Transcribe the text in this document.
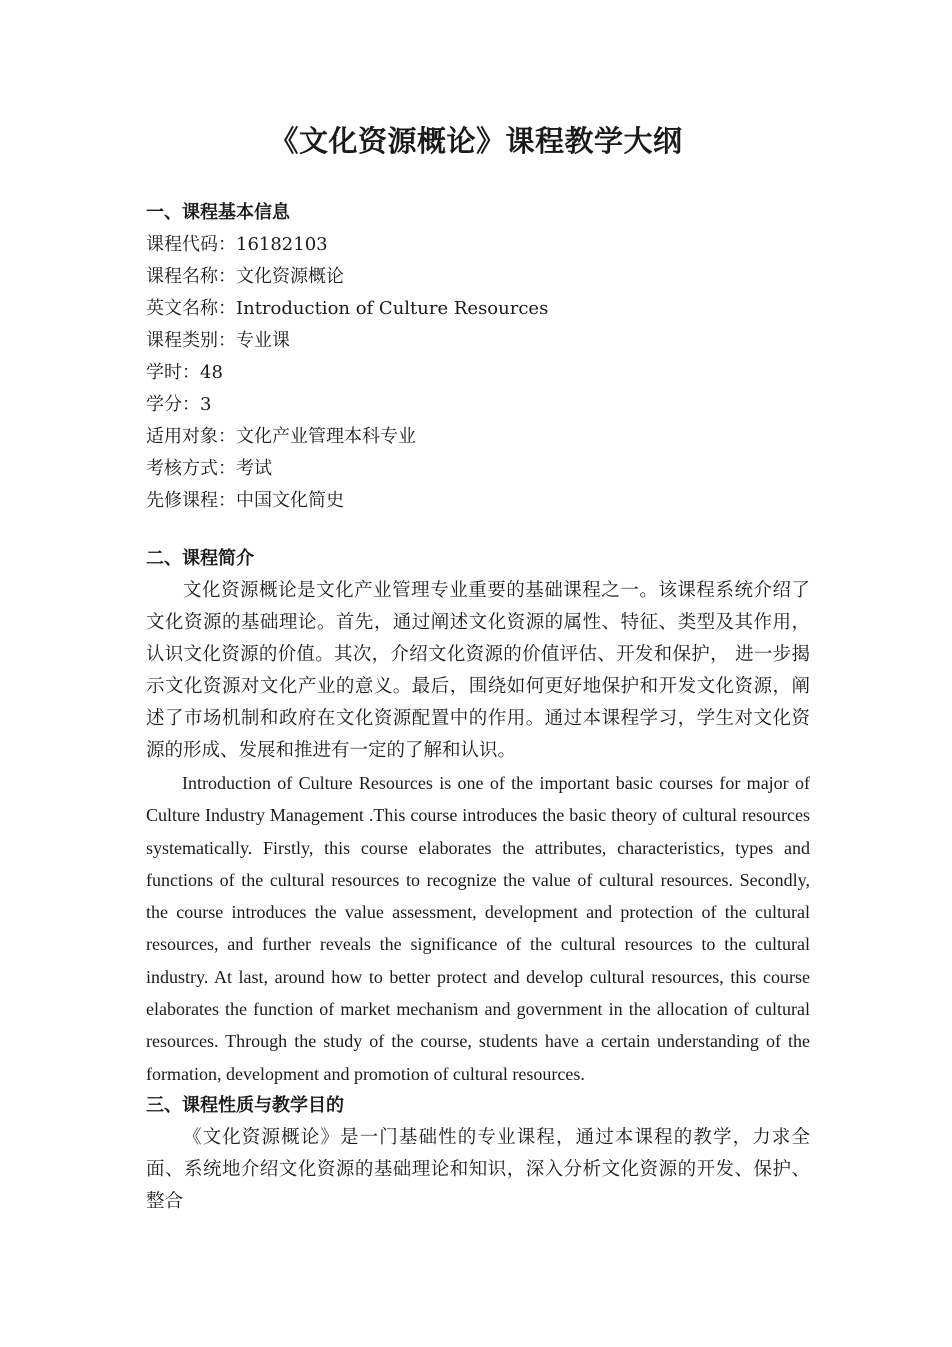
《文化资源概论》课程教学大纲
一、课程基本信息
课程代码：16182103
课程名称：文化资源概论
英文名称：Introduction of Culture Resources
课程类别：专业课
学时：48
学分：3
适用对象：文化产业管理本科专业
考核方式：考试
先修课程：中国文化简史
二、课程简介

文化资源概论是文化产业管理专业重要的基础课程之一。该课程系统介绍了文化资源的基础理论。首先，通过阐述文化资源的属性、特征、类型及其作用，认识文化资源的价值。其次，介绍文化资源的价值评估、开发和保护， 进一步揭示文化资源对文化产业的意义。最后，围绕如何更好地保护和开发文化资源，阐述了市场机制和政府在文化资源配置中的作用。通过本课程学习，学生对文化资源的形成、发展和推进有一定的了解和认识。

Introduction of Culture Resources is one of the important basic courses for major of Culture Industry Management .This course introduces the basic theory of cultural resources systematically. Firstly, this course elaborates the attributes, characteristics, types and functions of the cultural resources to recognize the value of cultural resources. Secondly, the course introduces the value assessment, development and protection of the cultural resources, and further reveals the significance of the cultural resources to the cultural industry. At last, around how to better protect and develop cultural resources, this course elaborates the function of market mechanism and government in the allocation of cultural resources. Through the study of the course, students have a certain understanding of the formation, development and promotion of cultural resources.

三、课程性质与教学目的

《文化资源概论》是一门基础性的专业课程，通过本课程的教学，力求全面、系统地介绍文化资源的基础理论和知识，深入分析文化资源的开发、保护、整合
